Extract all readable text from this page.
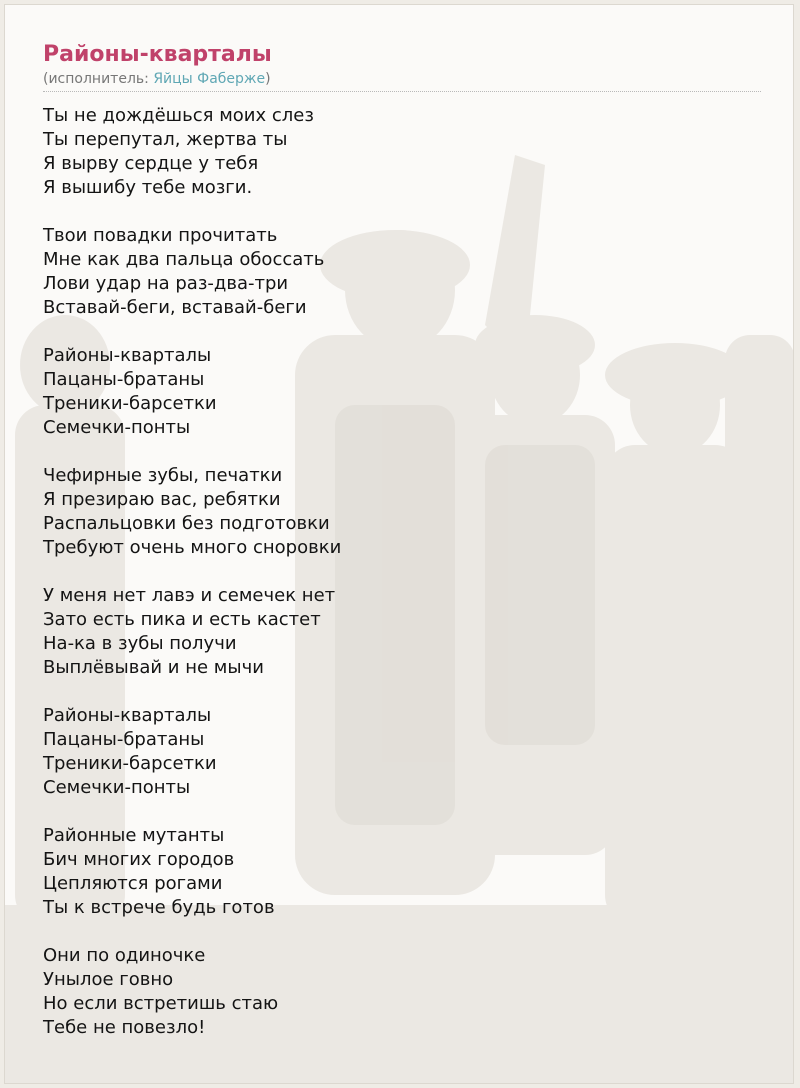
Районы-кварталы
(исполнитель: Яйцы Фаберже)
Ты не дождёшься моих слез
Ты перепутал, жертва ты
Я вырву сердце у тебя
Я вышибу тебе мозги.
Твои повадки прочитать
Мне как два пальца обоссать
Лови удар на раз-два-три
Вставай-беги, вставай-беги
Районы-кварталы
Пацаны-братаны
Треники-барсетки
Семечки-понты
Чефирные зубы, печатки
Я презираю вас, ребятки
Распальцовки без подготовки
Требуют очень много сноровки
У меня нет лавэ и семечек нет
Зато есть пика и есть кастет
На-ка в зубы получи
Выплёвывай и не мычи
Районы-кварталы
Пацаны-братаны
Треники-барсетки
Семечки-понты
Районные мутанты
Бич многих городов
Цепляются рогами
Ты к встрече будь готов
Они по одиночке
Унылое говно
Но если встретишь стаю
Тебе не повезло!
